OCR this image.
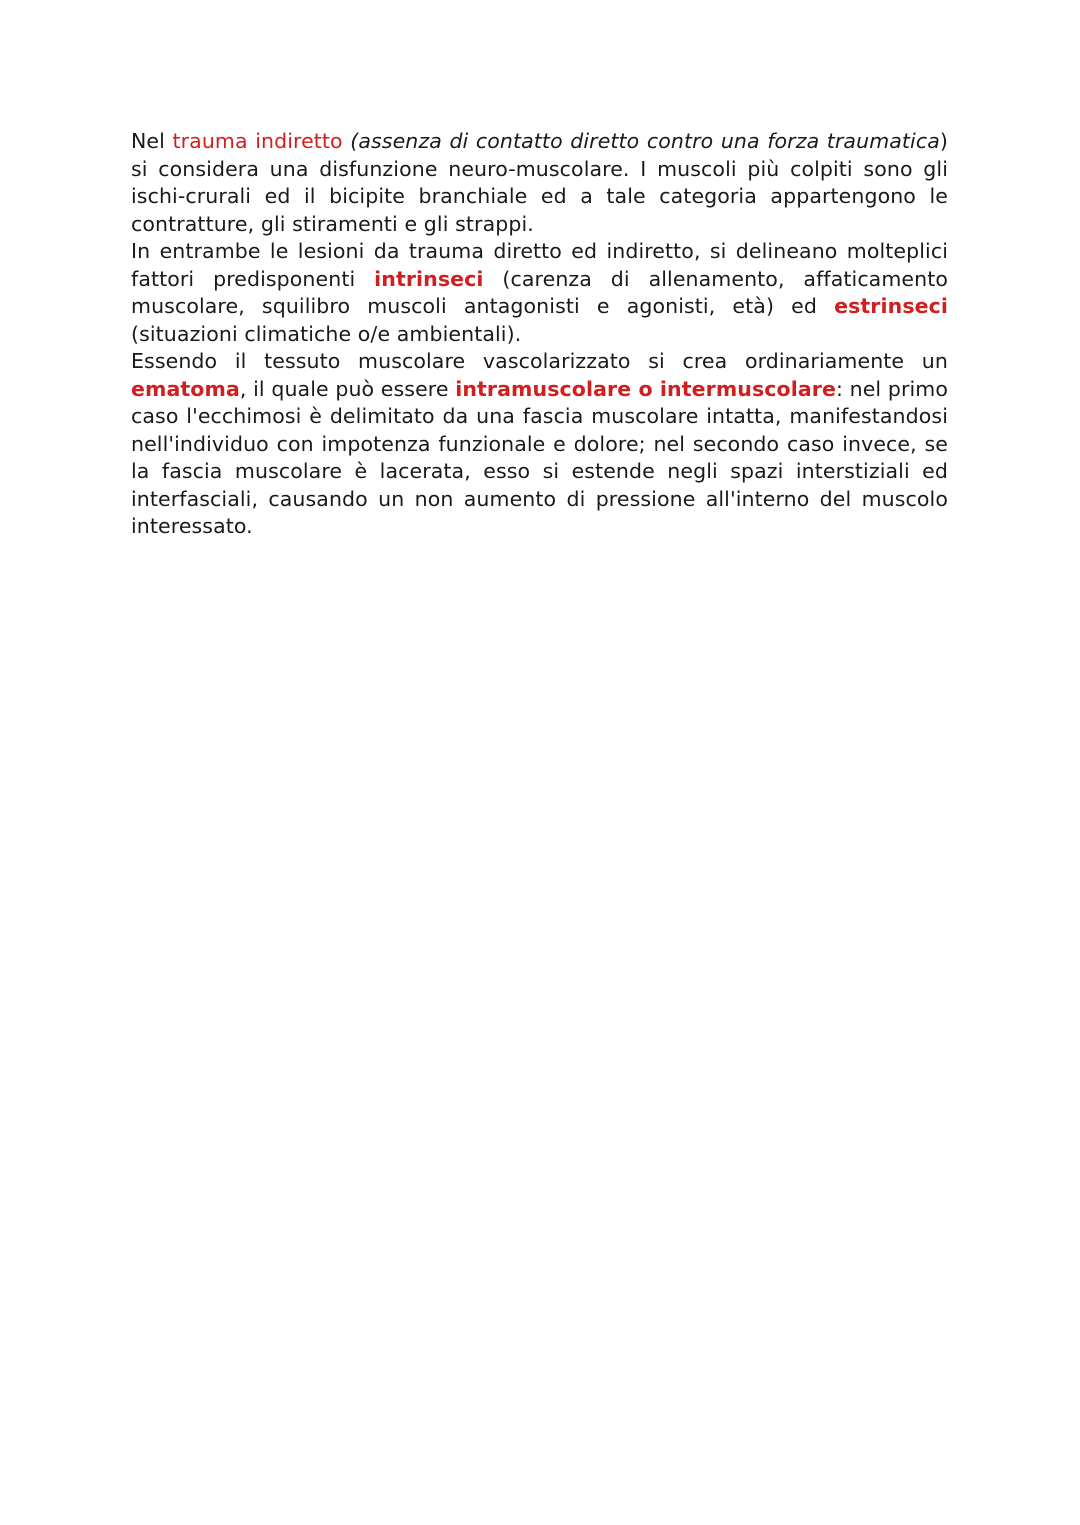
Nel trauma indiretto (assenza di contatto diretto contro una forza traumatica) si considera una disfunzione neuro-muscolare. I muscoli più colpiti sono gli ischi-crurali ed il bicipite branchiale ed a tale categoria appartengono le contratture, gli stiramenti e gli strappi.

In entrambe le lesioni da trauma diretto ed indiretto, si delineano molteplici fattori predisponenti intrinseci (carenza di allenamento, affaticamento muscolare, squilibro muscoli antagonisti e agonisti, età) ed estrinseci (situazioni climatiche o/e ambientali).

Essendo il tessuto muscolare vascolarizzato si crea ordinariamente un ematoma, il quale può essere intramuscolare o intermuscolare: nel primo caso l'ecchimosi è delimitato da una fascia muscolare intatta, manifestandosi nell'individuo con impotenza funzionale e dolore; nel secondo caso invece, se la fascia muscolare è lacerata, esso si estende negli spazi interstiziali ed interfasciali, causando un non aumento di pressione all'interno del muscolo interessato.
